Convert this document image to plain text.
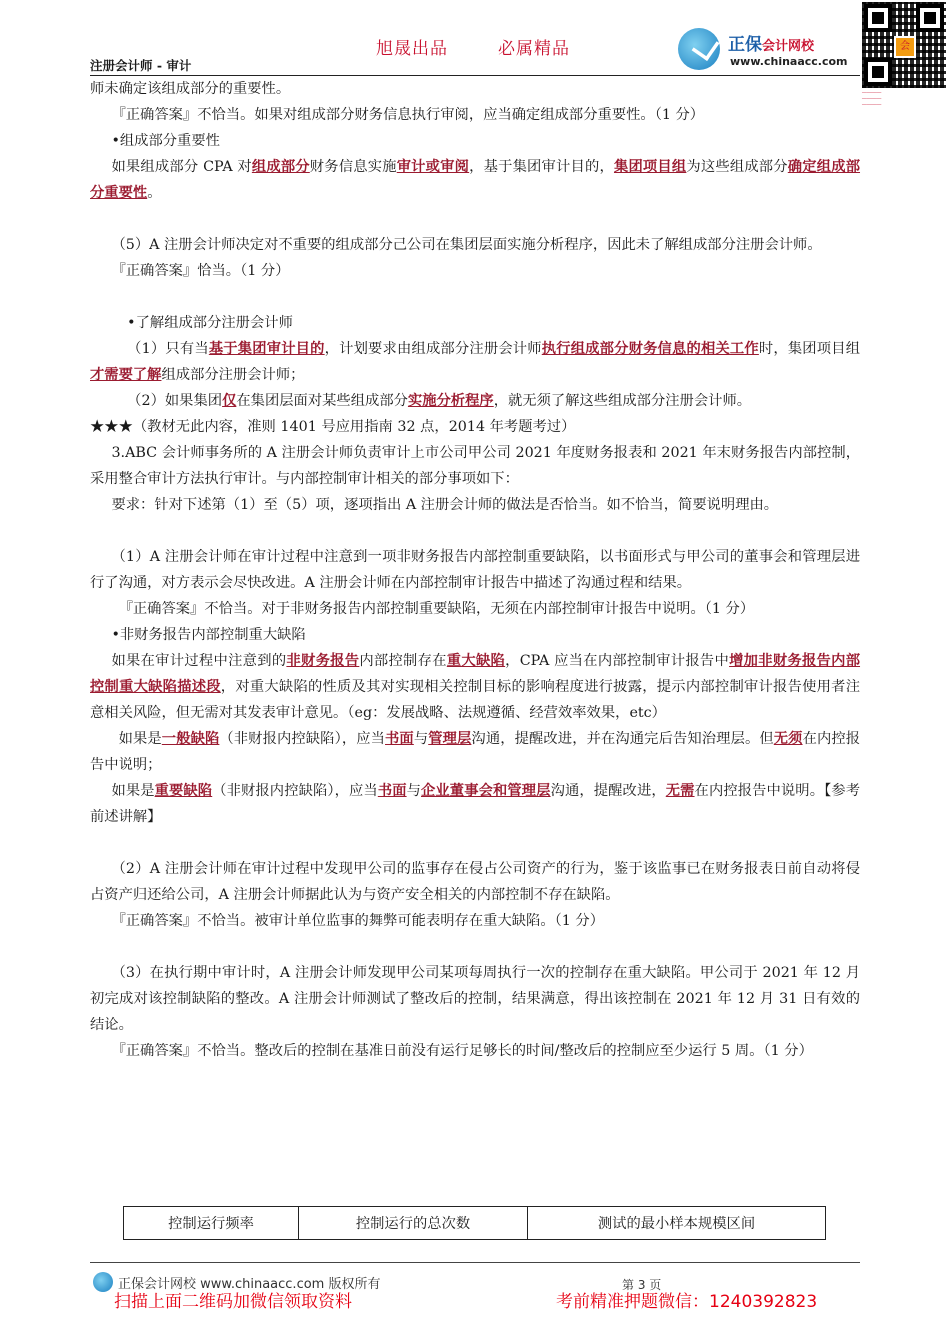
旭晟出品	必属精品
注册会计师 - 审计
正保会计网校
www.chinaacc.com
会
────────
────────
────────

师未确定该组成部分的重要性。

『正确答案』不恰当。如果对组成部分财务信息执行审阅，应当确定组成部分重要性。（1 分）

•组成部分重要性

如果组成部分 CPA 对组成部分财务信息实施审计或审阅，基于集团审计目的，集团项目组为这些组成部分确定组成部分重要性。

（5）A 注册会计师决定对不重要的组成部分己公司在集团层面实施分析程序，因此未了解组成部分注册会计师。

『正确答案』恰当。（1 分）

•了解组成部分注册会计师

（1）只有当基于集团审计目的，计划要求由组成部分注册会计师执行组成部分财务信息的相关工作时，集团项目组才需要了解组成部分注册会计师；

（2）如果集团仅在集团层面对某些组成部分实施分析程序，就无须了解这些组成部分注册会计师。

★★★（教材无此内容，准则 1401 号应用指南 32 点，2014 年考题考过）

3.ABC 会计师事务所的 A 注册会计师负责审计上市公司甲公司 2021 年度财务报表和 2021 年末财务报告内部控制，采用整合审计方法执行审计。与内部控制审计相关的部分事项如下：

要求：针对下述第（1）至（5）项，逐项指出 A 注册会计师的做法是否恰当。如不恰当，简要说明理由。

（1）A 注册会计师在审计过程中注意到一项非财务报告内部控制重要缺陷，以书面形式与甲公司的董事会和管理层进行了沟通，对方表示会尽快改进。A 注册会计师在内部控制审计报告中描述了沟通过程和结果。

『正确答案』不恰当。对于非财务报告内部控制重要缺陷，无须在内部控制审计报告中说明。（1 分）

•非财务报告内部控制重大缺陷

如果在审计过程中注意到的非财务报告内部控制存在重大缺陷，CPA 应当在内部控制审计报告中增加非财务报告内部控制重大缺陷描述段，对重大缺陷的性质及其对实现相关控制目标的影响程度进行披露，提示内部控制审计报告使用者注意相关风险，但无需对其发表审计意见。（eg：发展战略、法规遵循、经营效率效果，etc）

如果是一般缺陷（非财报内控缺陷），应当书面与管理层沟通，提醒改进，并在沟通完后告知治理层。但无须在内控报告中说明；

如果是重要缺陷（非财报内控缺陷），应当书面与企业董事会和管理层沟通，提醒改进，无需在内控报告中说明。【参考前述讲解】

（2）A 注册会计师在审计过程中发现甲公司的监事存在侵占公司资产的行为，鉴于该监事已在财务报表日前自动将侵占资产归还给公司，A 注册会计师据此认为与资产安全相关的内部控制不存在缺陷。

『正确答案』不恰当。被审计单位监事的舞弊可能表明存在重大缺陷。（1 分）

（3）在执行期中审计时，A 注册会计师发现甲公司某项每周执行一次的控制存在重大缺陷。甲公司于 2021 年 12 月初完成对该控制缺陷的整改。A 注册会计师测试了整改后的控制，结果满意，得出该控制在 2021 年 12 月 31 日有效的结论。

『正确答案』不恰当。整改后的控制在基准日前没有运行足够长的时间/整改后的控制应至少运行 5 周。（1 分）

控制运行频率	控制运行的总次数	测试的最小样本规模区间
正保会计网校 www.chinaacc.com 版权所有	第 3 页
扫描上面二维码加微信领取资料	考前精准押题微信：1240392823
